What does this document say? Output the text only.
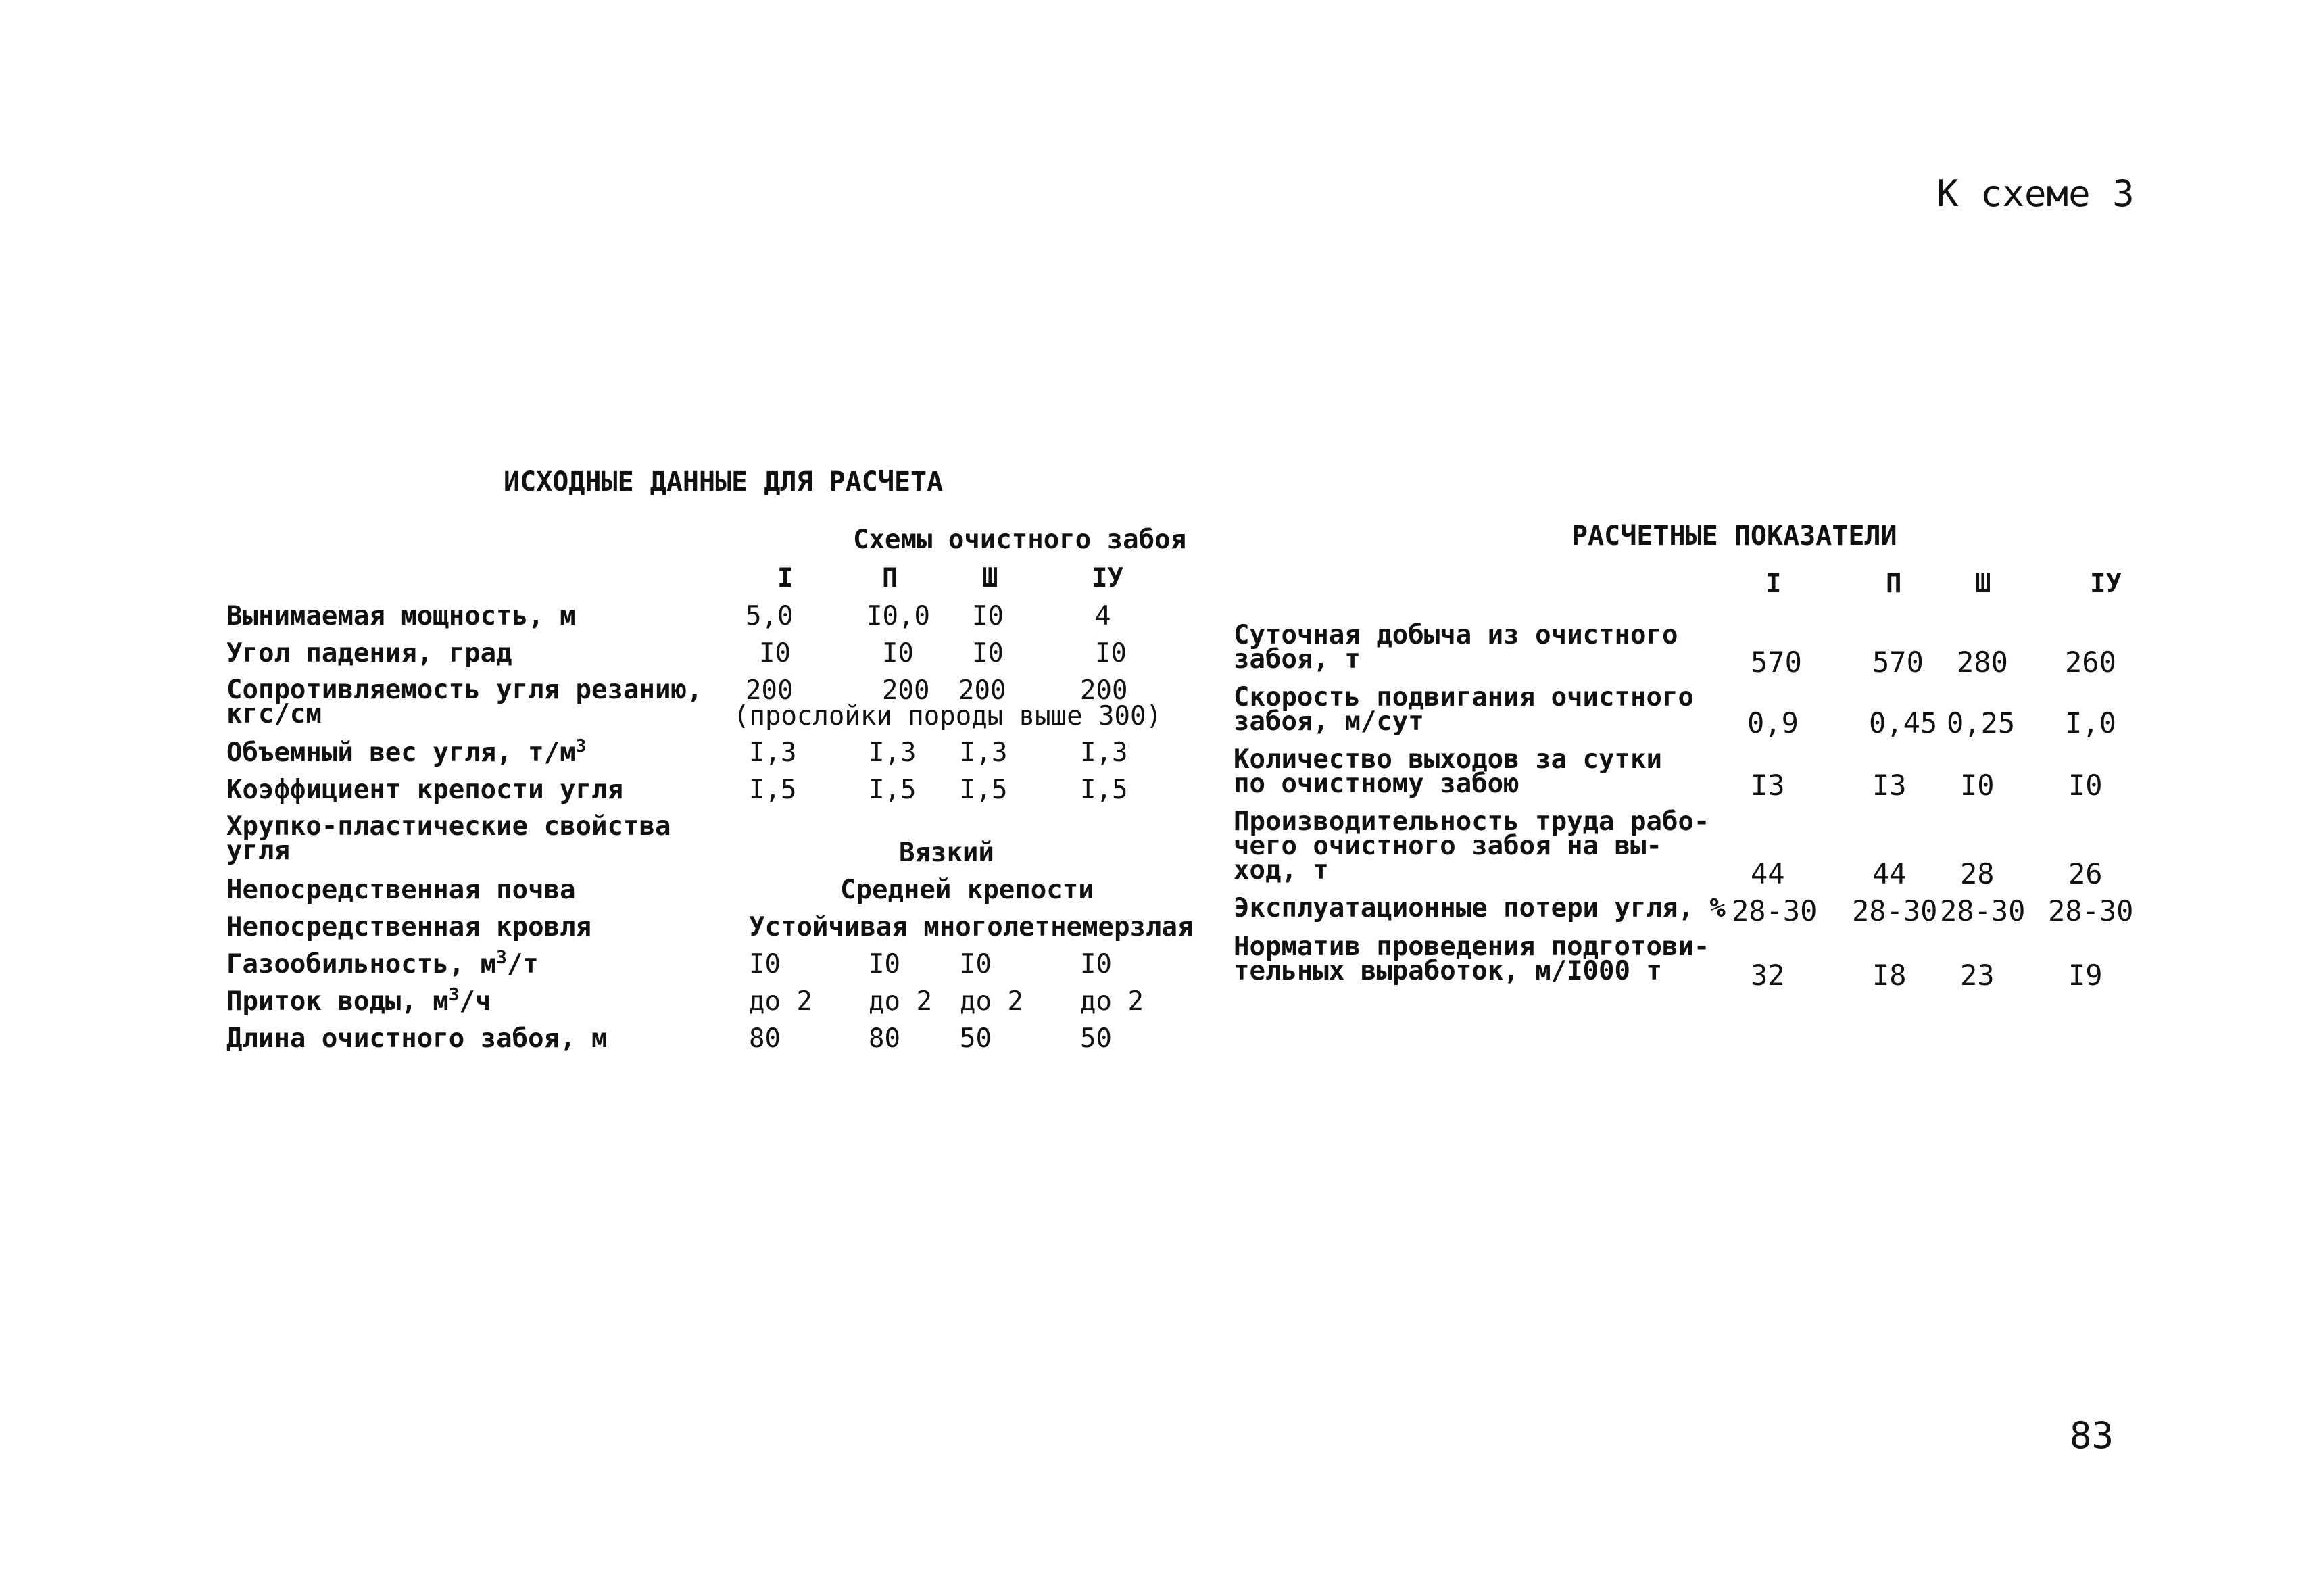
К схеме 3
83
ИСХОДНЫЕ ДАННЫЕ ДЛЯ РАСЧЕТА
Схемы очистного забоя
I	П	Ш	IУ
Вынимаемая мощность, м	5,0	I0,0 I0	4
Угол падения, град	I0	I0 I0	I0
Сопротивляемость угля резанию,
кгс/см
200	200 200	200
(прослойки породы выше 300)
Объемный вес угля, $т/м^3$	I,3	I,3 I,3	I,3
Коэффициент крепости угля	I,5	I,5 I,5	I,5
Хрупко-пластические свойства
угля	Вязкий
Непосредственная почва	Средней крепости
Непосредственная кровля	Устойчивая многолетнемерзлая
Газообильность, $м^3/т$	I0	I0 I0	I0
Приток воды, $м^3/ч$	до 2 до 2 до 2 до 2
Длина очистного забоя, м	80	80 50	50
РАСЧЕТНЫЕ ПОКАЗАТЕЛИ
I	П	Ш	IУ
Суточная добыча из очистного
забоя, т	570 570 280 260
Скорость подвигания очистного
забоя, м/сут	0,9 0,45 0,25 I,0
Количество выходов за сутки
по очистному забою	I3	I3 I0	I0
Производительность труда рабо-
чего очистного забоя на вы-
ход, т	44	44 28	26
Эксплуатационные потери угля, % 28-30 28-30 28-30 28-30
Норматив проведения подготови-
тельных выработок, м/I000 т	32	I8 23	I9
